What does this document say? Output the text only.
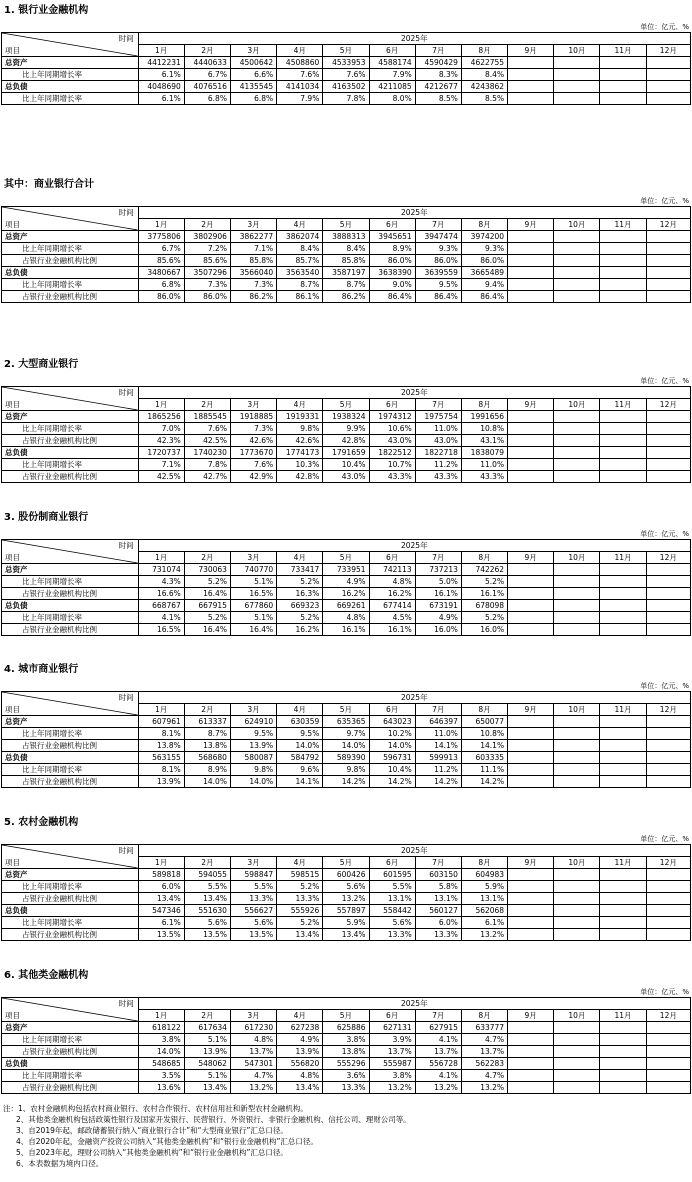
1. 银行业金融机构
单位：亿元、%
时间
项目	2025年											
	1月	2月	3月	4月	5月	6月	7月	8月	9月	10月	11月	12月
总资产	4412231	4440633	4500642	4508860	4533953	4588174	4590429	4622755				
比上年同期增长率	6.1%	6.7%	6.6%	7.6%	7.6%	7.9%	8.3%	8.4%				
总负债	4048690	4076516	4135545	4141034	4163502	4211085	4212677	4243862				
比上年同期增长率	6.1%	6.8%	6.8%	7.9%	7.8%	8.0%	8.5%	8.5%				
其中：商业银行合计
单位：亿元、%
时间
项目	2025年											
	1月	2月	3月	4月	5月	6月	7月	8月	9月	10月	11月	12月
总资产	3775806	3802906	3862277	3862074	3888313	3945651	3947474	3974200				
比上年同期增长率	6.7%	7.2%	7.1%	8.4%	8.4%	8.9%	9.3%	9.3%				
占银行业金融机构比例	85.6%	85.6%	85.8%	85.7%	85.8%	86.0%	86.0%	86.0%				
总负债	3480667	3507296	3566040	3563540	3587197	3638390	3639559	3665489				
比上年同期增长率	6.8%	7.3%	7.3%	8.7%	8.7%	9.0%	9.5%	9.4%				
占银行业金融机构比例	86.0%	86.0%	86.2%	86.1%	86.2%	86.4%	86.4%	86.4%				
2. 大型商业银行
单位：亿元、%
时间
项目	2025年											
	1月	2月	3月	4月	5月	6月	7月	8月	9月	10月	11月	12月
总资产	1865256	1885545	1918885	1919331	1938324	1974312	1975754	1991656				
比上年同期增长率	7.0%	7.6%	7.3%	9.8%	9.9%	10.6%	11.0%	10.8%				
占银行业金融机构比例	42.3%	42.5%	42.6%	42.6%	42.8%	43.0%	43.0%	43.1%				
总负债	1720737	1740230	1773670	1774173	1791659	1822512	1822718	1838079				
比上年同期增长率	7.1%	7.8%	7.6%	10.3%	10.4%	10.7%	11.2%	11.0%				
占银行业金融机构比例	42.5%	42.7%	42.9%	42.8%	43.0%	43.3%	43.3%	43.3%				
3. 股份制商业银行
单位：亿元、%
时间
项目	2025年											
	1月	2月	3月	4月	5月	6月	7月	8月	9月	10月	11月	12月
总资产	731074	730063	740770	733417	733951	742113	737213	742262				
比上年同期增长率	4.3%	5.2%	5.1%	5.2%	4.9%	4.8%	5.0%	5.2%				
占银行业金融机构比例	16.6%	16.4%	16.5%	16.3%	16.2%	16.2%	16.1%	16.1%				
总负债	668767	667915	677860	669323	669261	677414	673191	678098				
比上年同期增长率	4.1%	5.2%	5.1%	5.2%	4.8%	4.5%	4.9%	5.2%				
占银行业金融机构比例	16.5%	16.4%	16.4%	16.2%	16.1%	16.1%	16.0%	16.0%				
4. 城市商业银行
单位：亿元、%
时间
项目	2025年											
	1月	2月	3月	4月	5月	6月	7月	8月	9月	10月	11月	12月
总资产	607961	613337	624910	630359	635365	643023	646397	650077				
比上年同期增长率	8.1%	8.7%	9.5%	9.5%	9.7%	10.2%	11.0%	10.8%				
占银行业金融机构比例	13.8%	13.8%	13.9%	14.0%	14.0%	14.0%	14.1%	14.1%				
总负债	563155	568680	580087	584792	589390	596731	599913	603335				
比上年同期增长率	8.1%	8.9%	9.8%	9.6%	9.8%	10.4%	11.2%	11.1%				
占银行业金融机构比例	13.9%	14.0%	14.0%	14.1%	14.2%	14.2%	14.2%	14.2%				
5. 农村金融机构
单位：亿元、%
时间
项目	2025年											
	1月	2月	3月	4月	5月	6月	7月	8月	9月	10月	11月	12月
总资产	589818	594055	598847	598515	600426	601595	603150	604983				
比上年同期增长率	6.0%	5.5%	5.5%	5.2%	5.6%	5.5%	5.8%	5.9%				
占银行业金融机构比例	13.4%	13.4%	13.3%	13.3%	13.2%	13.1%	13.1%	13.1%				
总负债	547346	551630	556627	555926	557897	558442	560127	562068				
比上年同期增长率	6.1%	5.6%	5.6%	5.2%	5.9%	5.6%	6.0%	6.1%				
占银行业金融机构比例	13.5%	13.5%	13.5%	13.4%	13.4%	13.3%	13.3%	13.2%				
6. 其他类金融机构
单位：亿元、%
时间
项目	2025年											
	1月	2月	3月	4月	5月	6月	7月	8月	9月	10月	11月	12月
总资产	618122	617634	617230	627238	625886	627131	627915	633777				
比上年同期增长率	3.8%	5.1%	4.8%	4.9%	3.8%	3.9%	4.1%	4.7%				
占银行业金融机构比例	14.0%	13.9%	13.7%	13.9%	13.8%	13.7%	13.7%	13.7%				
总负债	548685	548062	547301	556820	555296	555987	556728	562283				
比上年同期增长率	3.5%	5.1%	4.7%	4.8%	3.6%	3.8%	4.1%	4.7%				
占银行业金融机构比例	13.6%	13.4%	13.2%	13.4%	13.3%	13.2%	13.2%	13.2%				
注：1、农村金融机构包括农村商业银行、农村合作银行、农村信用社和新型农村金融机构。
2、其他类金融机构包括政策性银行及国家开发银行、民营银行、外资银行、非银行金融机构、信托公司、理财公司等。
3、自2019年起，邮政储蓄银行纳入“商业银行合计”和“大型商业银行”汇总口径。
4、自2020年起，金融资产投资公司纳入“其他类金融机构”和“银行业金融机构”汇总口径。
5、自2023年起，理财公司纳入“其他类金融机构”和“银行业金融机构”汇总口径。
6、本表数据为境内口径。
